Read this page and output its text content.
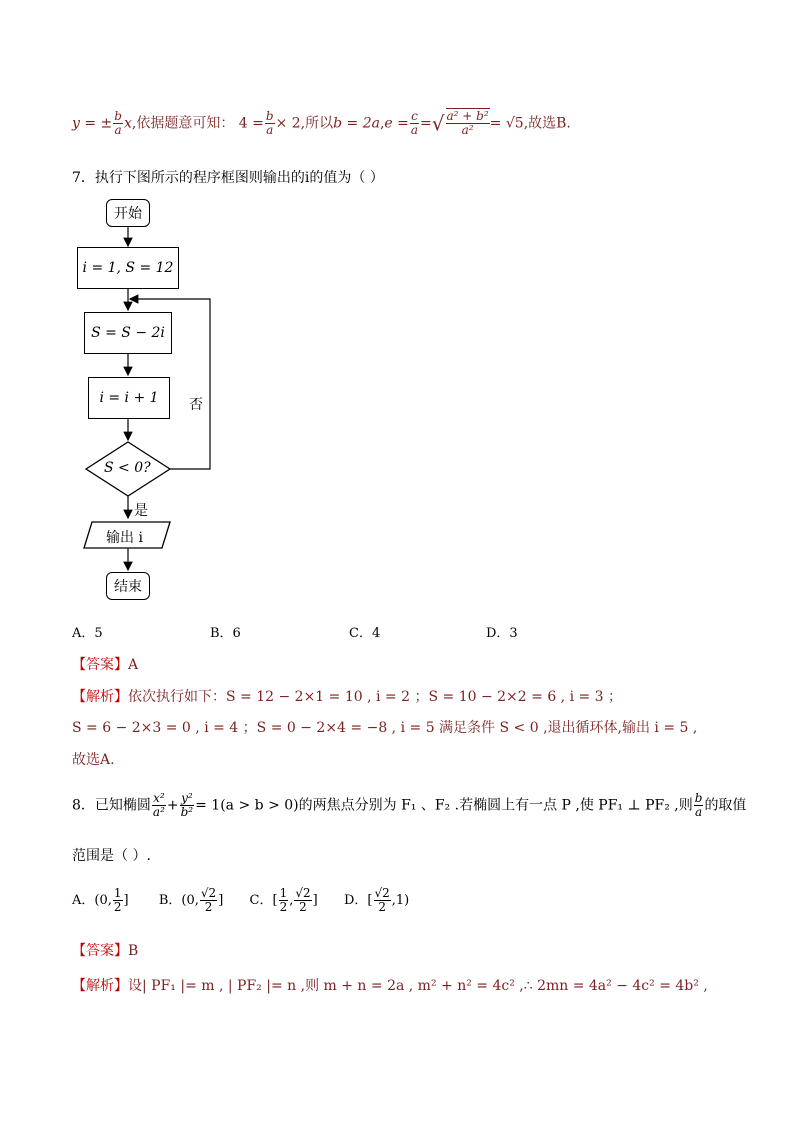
y = ± $\frac{b}{a} x$,依据题意可知： $4 = \frac{b}{a} \times 2$,所以$b = 2a,e = \frac{c}{a}$ =√ $\frac{\text{a² + b²}}{\text{a²}} = √5$,故选B.
7．执行下图所示的程序框图则输出的i的值为（ ）
开始
i = 1, S = 12
S = S − 2i
i = i + 1
S < 0?
否
是
输出 i
结束
A．5	B．6	C．4	D．3
【答案】A
【解析】依次执行如下：S = 12 − 2×1 = 10 , i = 2 ；S = 10 − 2×2 = 6 , i = 3 ；
S = 6 − 2×3 = 0 , i = 4 ；S = 0 − 2×4 = −8 , i = 5 满足条件 S < 0 ,退出循环体,输出 i = 5 ,
故选A.
8．已知椭圆 $\frac{\text{x²}}{\text{a²}} + \frac{\text{y²}}{\text{b²}} = 1(a > b > 0)$的两焦点分别为 F₁ 、F₂ .若椭圆上有一点 P ,使 PF₁ ⊥ PF₂ ,则 $\frac{b}{a}$ 的取值
范围是（ ）.
A．(0, $\frac{1}{2}$ ] B．(0, $\frac{√2}{2}$ ] C．[ $\frac{1}{2}$ , $\frac{√2}{2}$ ] D．[ $\frac{√2}{2} ,1$)
【答案】B
【解析】设| PF₁ |= m , | PF₂ |= n ,则 m + n = 2a , m² + n² = 4c² ,∴ 2mn = 4a² − 4c² = 4b² ,
